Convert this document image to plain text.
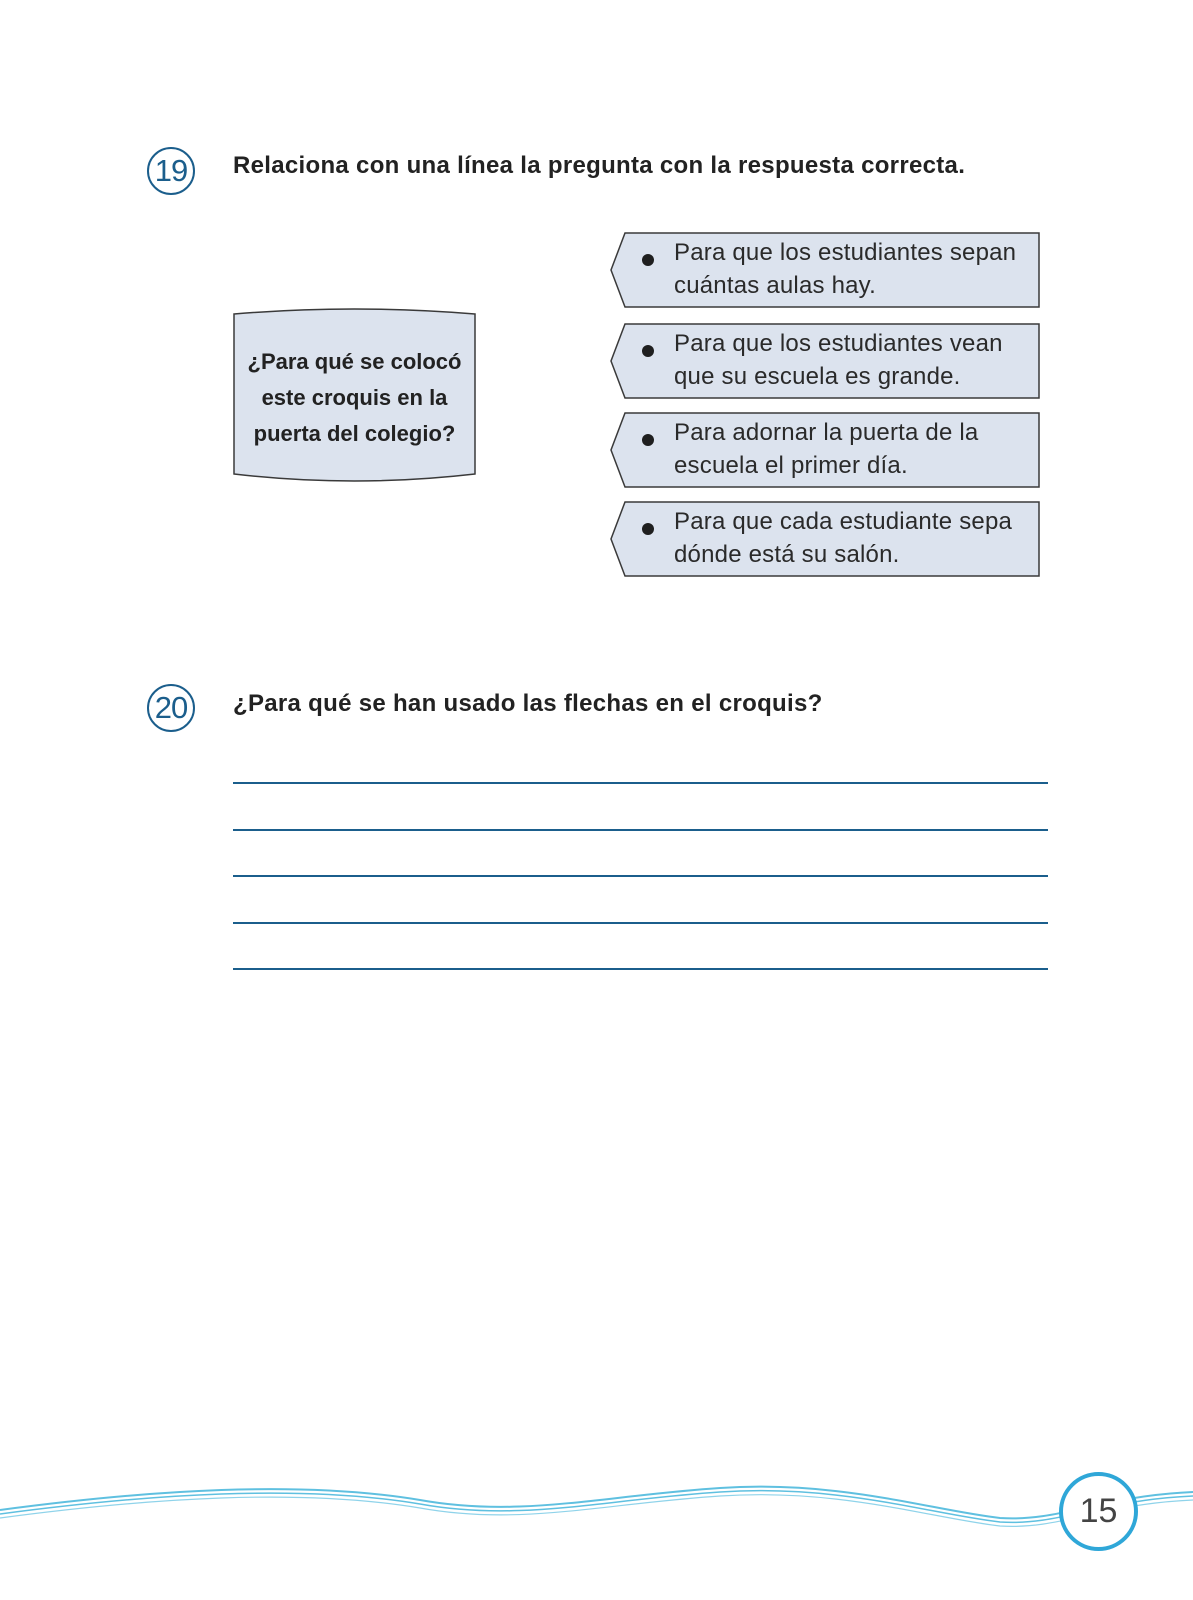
19 Relaciona con una línea la pregunta con la respuesta correcta.
¿Para qué se colocó este croquis en la puerta del colegio?
Para que los estudiantes sepan cuántas aulas hay.
Para que los estudiantes vean que su escuela es grande.
Para adornar la puerta de la escuela el primer día.
Para que cada estudiante sepa dónde está su salón.
20 ¿Para qué se han usado las flechas en el croquis?
15
